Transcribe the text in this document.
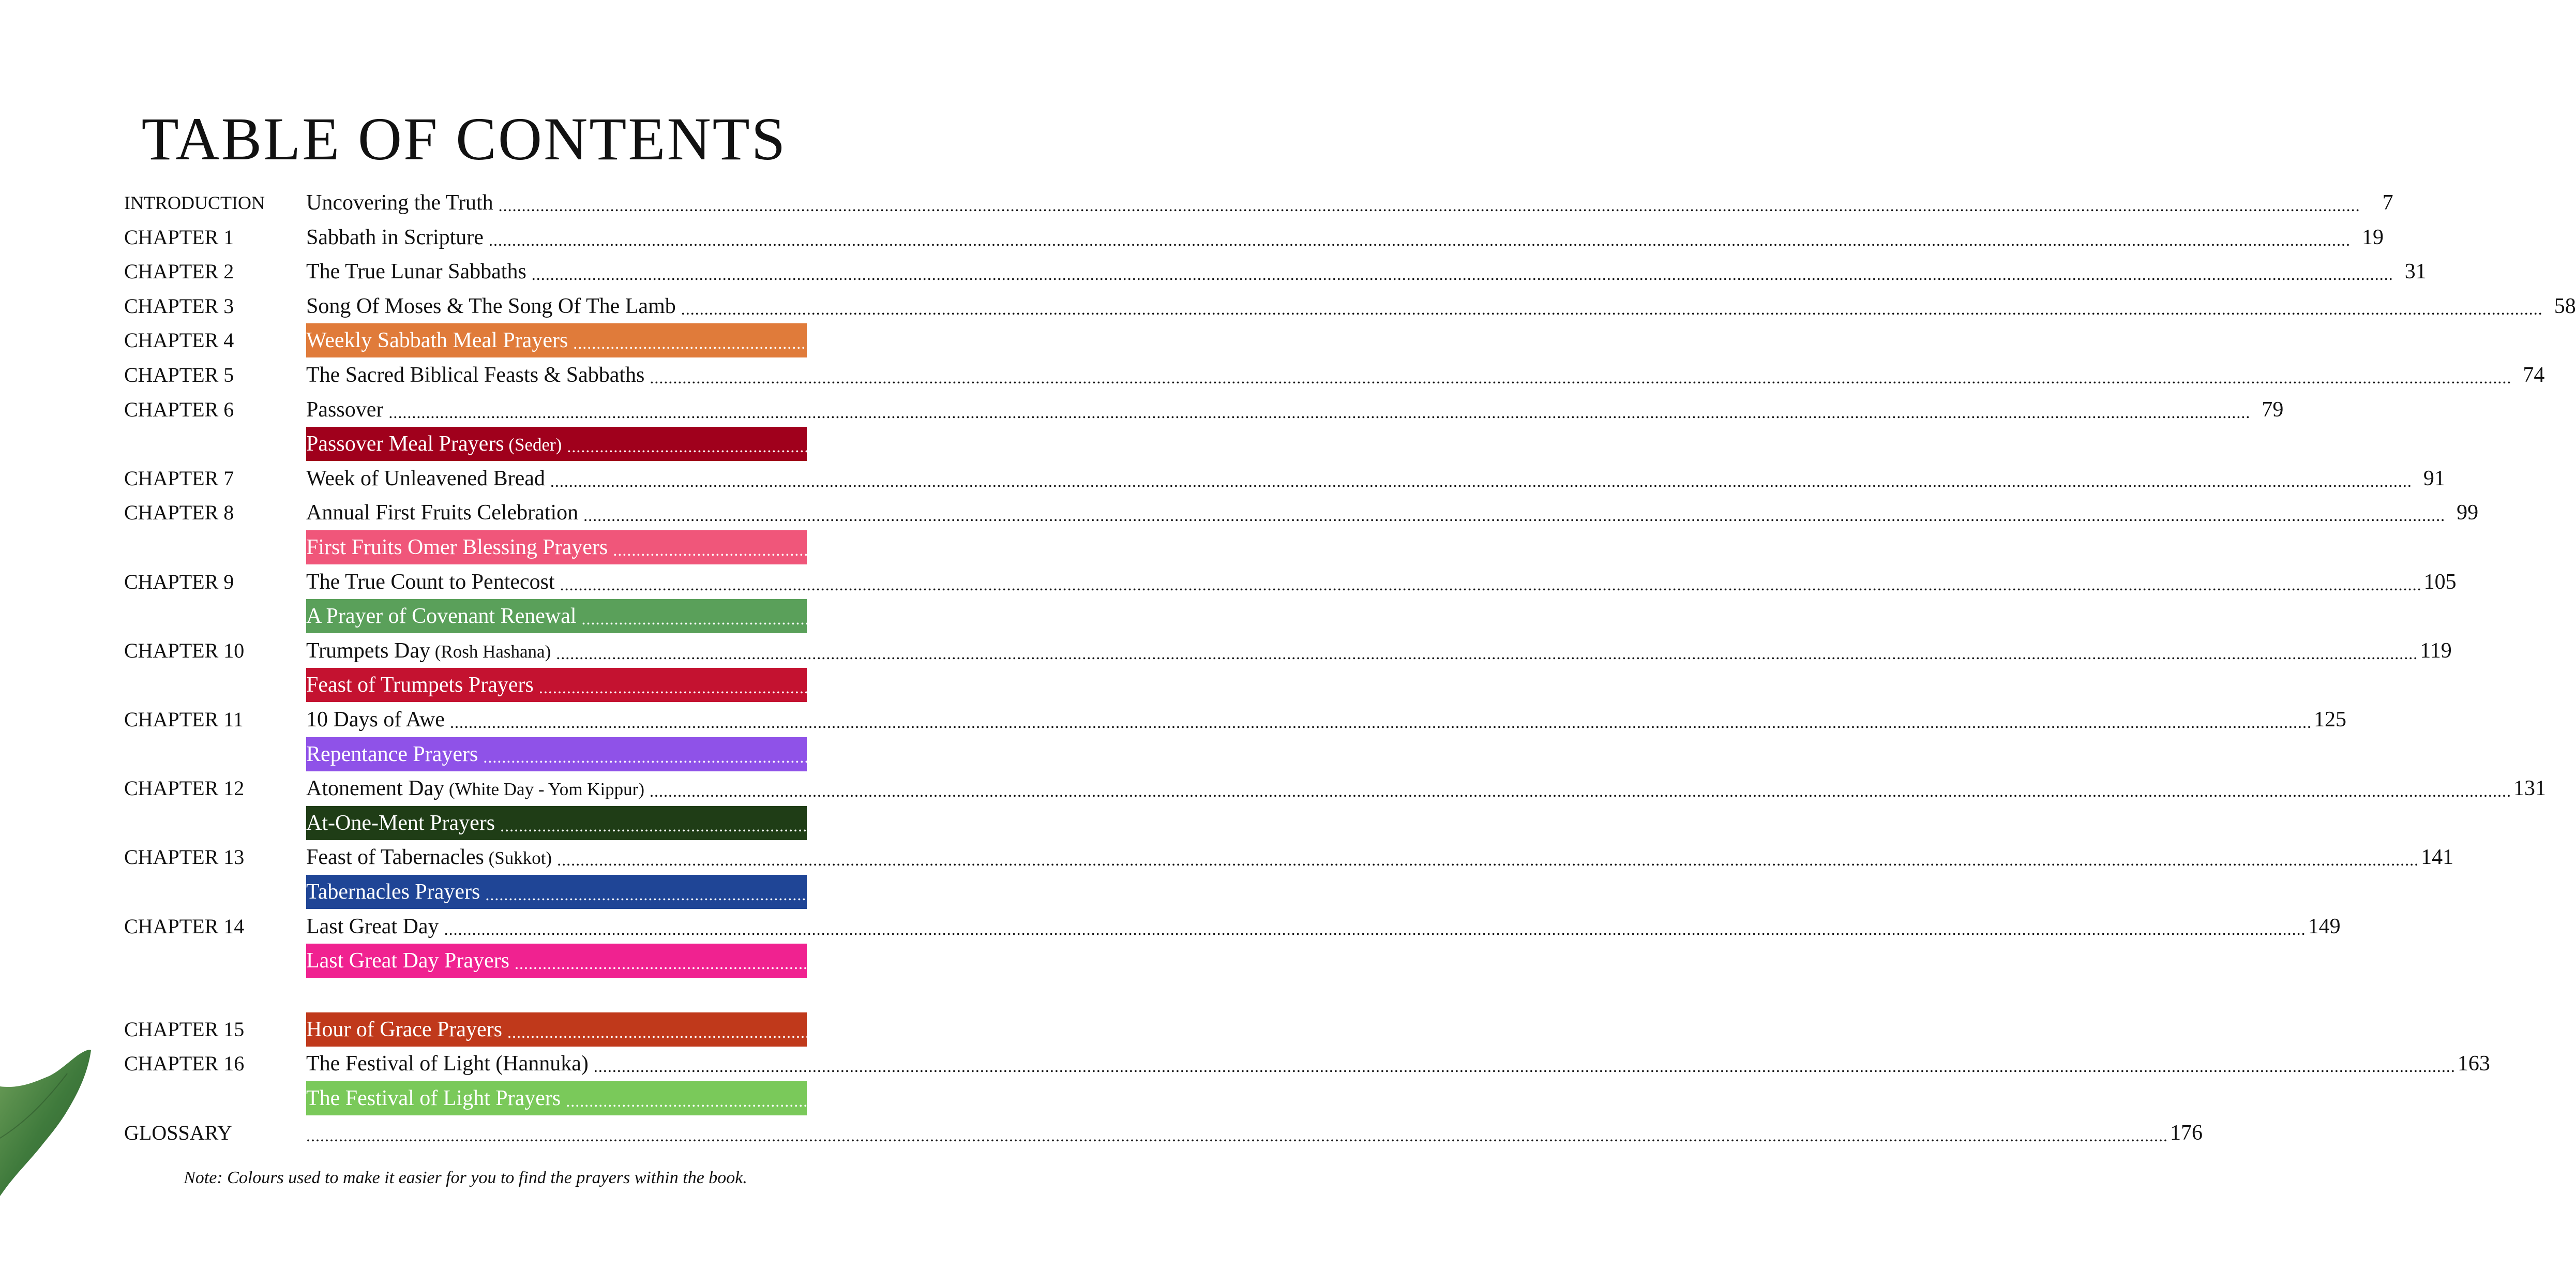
TABLE OF CONTENTS
INTRODUCTION Uncovering the Truth ................................................................................................................................................................................................................................................................................................................................................................................................................	7
CHAPTER 1	Sabbath in Scripture ................................................................................................................................................................................................................................................................................................................................................................................................................ 19
CHAPTER 2	The True Lunar Sabbaths ................................................................................................................................................................................................................................................................................................................................................................................................................ 31
CHAPTER 3	Song Of Moses & The Song Of The Lamb ................................................................................................................................................................................................................................................................................................................................................................................................................ 58
CHAPTER 4	Weekly Sabbath Meal Prayers ................................................................................................................................................................................................................................................................................................................................................................................................................ 71
CHAPTER 5	The Sacred Biblical Feasts & Sabbaths ................................................................................................................................................................................................................................................................................................................................................................................................................ 74
CHAPTER 6	Passover ................................................................................................................................................................................................................................................................................................................................................................................................................ 79
Passover Meal Prayers (Seder) ................................................................................................................................................................................................................................................................................................................................................................................................................ 83
CHAPTER 7	Week of Unleavened Bread ................................................................................................................................................................................................................................................................................................................................................................................................................ 91
CHAPTER 8	Annual First Fruits Celebration ................................................................................................................................................................................................................................................................................................................................................................................................................ 99
First Fruits Omer Blessing Prayers ................................................................................................................................................................................................................................................................................................................................................................................................................ 103
CHAPTER 9	The True Count to Pentecost ................................................................................................................................................................................................................................................................................................................................................................................................................ 105
A Prayer of Covenant Renewal ................................................................................................................................................................................................................................................................................................................................................................................................................ 115
CHAPTER 10	Trumpets Day (Rosh Hashana) ................................................................................................................................................................................................................................................................................................................................................................................................................ 119
Feast of Trumpets Prayers ................................................................................................................................................................................................................................................................................................................................................................................................................ 122
CHAPTER 11	10 Days of Awe ................................................................................................................................................................................................................................................................................................................................................................................................................ 125
Repentance Prayers ................................................................................................................................................................................................................................................................................................................................................................................................................ 126
CHAPTER 12	Atonement Day (White Day - Yom Kippur) ................................................................................................................................................................................................................................................................................................................................................................................................................ 131
At-One-Ment Prayers ................................................................................................................................................................................................................................................................................................................................................................................................................ 134
CHAPTER 13	Feast of Tabernacles (Sukkot) ................................................................................................................................................................................................................................................................................................................................................................................................................ 141
Tabernacles Prayers ................................................................................................................................................................................................................................................................................................................................................................................................................ 144
CHAPTER 14	Last Great Day ................................................................................................................................................................................................................................................................................................................................................................................................................ 149
Last Great Day Prayers ................................................................................................................................................................................................................................................................................................................................................................................................................ 150
CHAPTER 15	Hour of Grace Prayers ................................................................................................................................................................................................................................................................................................................................................................................................................ 153
CHAPTER 16	The Festival of Light (Hannuka) ................................................................................................................................................................................................................................................................................................................................................................................................................ 163
The Festival of Light Prayers ................................................................................................................................................................................................................................................................................................................................................................................................................ 168
GLOSSARY	................................................................................................................................................................................................................................................................................................................................................................................................................ 176
Note: Colours used to make it easier for you to find the prayers within the book.
